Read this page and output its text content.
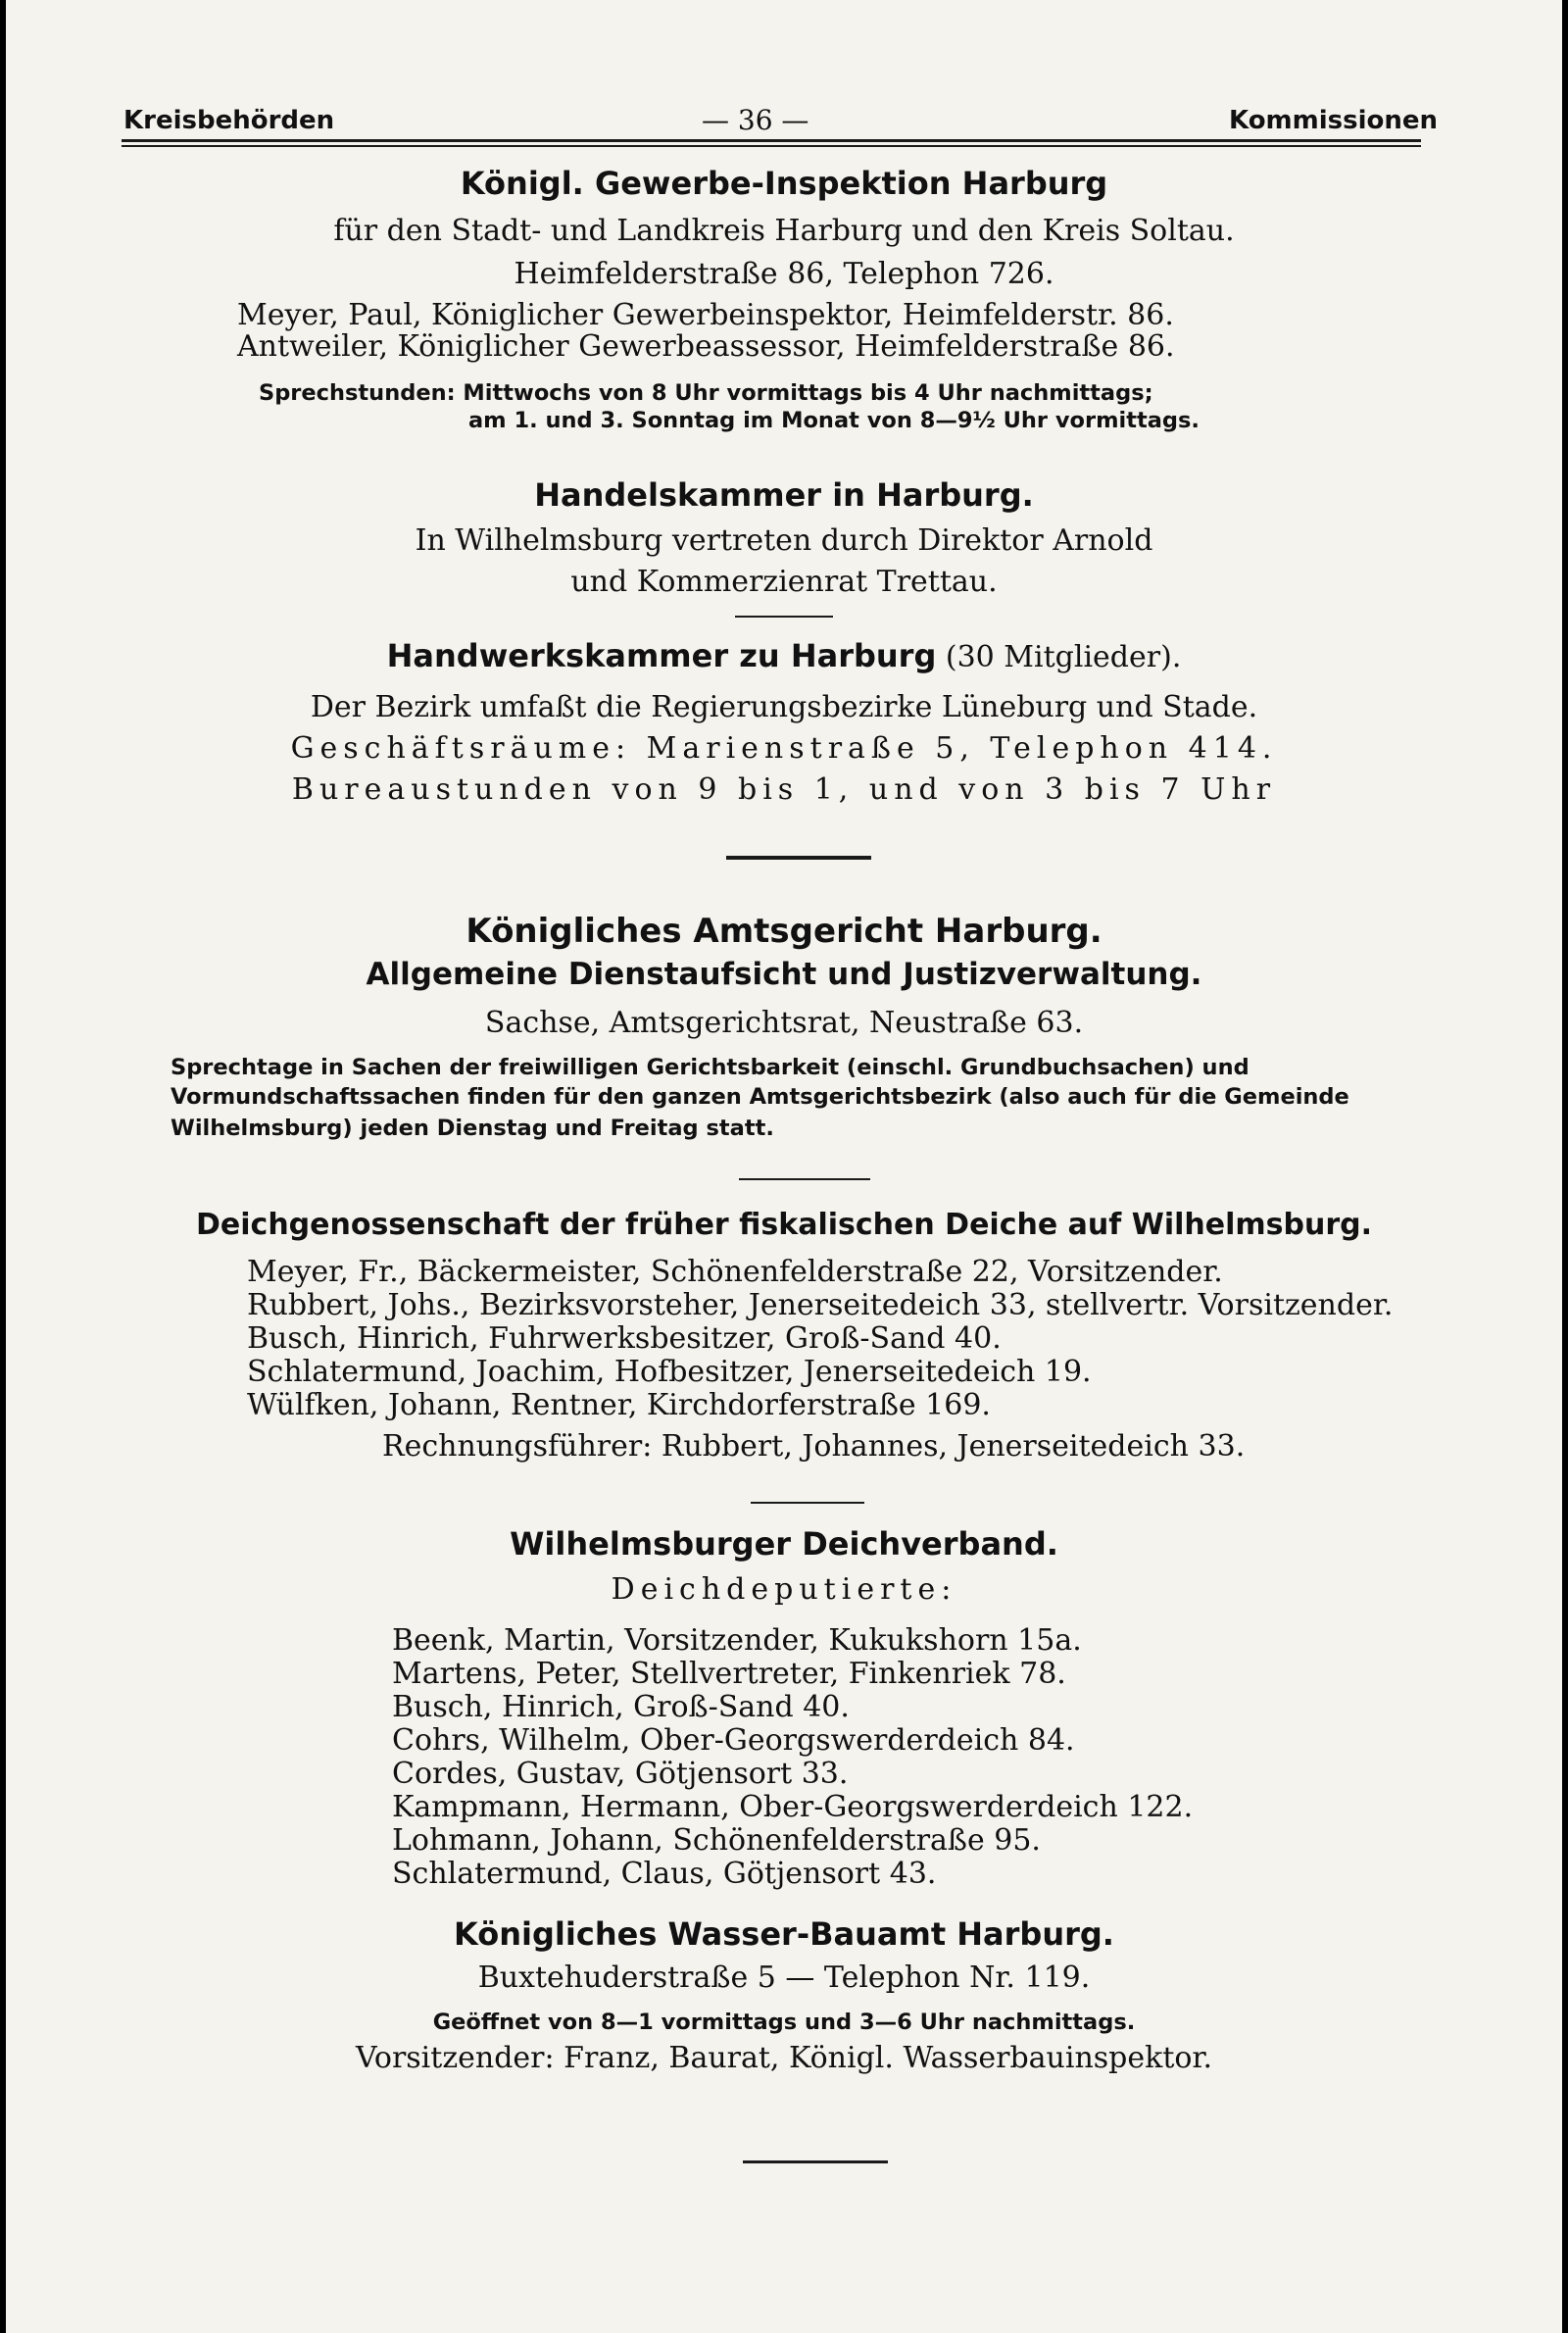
Kreisbehörden	— 36 —	Kommissionen
Königl. Gewerbe-Inspektion Harburg
für den Stadt- und Landkreis Harburg und den Kreis Soltau.
Heimfelderstraße 86, Telephon 726.
Meyer, Paul, Königlicher Gewerbeinspektor, Heimfelderstr. 86.
Antweiler, Königlicher Gewerbeassessor, Heimfelderstraße 86.
Sprechstunden: Mittwochs von 8 Uhr vormittags bis 4 Uhr nachmittags;
am 1. und 3. Sonntag im Monat von 8—9½ Uhr vormittags.
Handelskammer in Harburg.
In Wilhelmsburg vertreten durch Direktor Arnold
und Kommerzienrat Trettau.
Handwerkskammer zu Harburg (30 Mitglieder).
Der Bezirk umfaßt die Regierungsbezirke Lüneburg und Stade.
Geschäftsräume: Marienstraße 5, Telephon 414.
Bureaustunden von 9 bis 1, und von 3 bis 7 Uhr
Königliches Amtsgericht Harburg.
Allgemeine Dienstaufsicht und Justizverwaltung.
Sachse, Amtsgerichtsrat, Neustraße 63.
Sprechtage in Sachen der freiwilligen Gerichtsbarkeit (einschl. Grundbuchsachen) und
Vormundschaftssachen finden für den ganzen Amtsgerichtsbezirk (also auch für die Gemeinde
Wilhelmsburg) jeden Dienstag und Freitag statt.
Deichgenossenschaft der früher fiskalischen Deiche auf Wilhelmsburg.
Meyer, Fr., Bäckermeister, Schönenfelderstraße 22, Vorsitzender.
Rubbert, Johs., Bezirksvorsteher, Jenerseitedeich 33, stellvertr. Vorsitzender.
Busch, Hinrich, Fuhrwerksbesitzer, Groß-Sand 40.
Schlatermund, Joachim, Hofbesitzer, Jenerseitedeich 19.
Wülfken, Johann, Rentner, Kirchdorferstraße 169.
Rechnungsführer: Rubbert, Johannes, Jenerseitedeich 33.
Wilhelmsburger Deichverband.
Deichdeputierte:
Beenk, Martin, Vorsitzender, Kukukshorn 15a.
Martens, Peter, Stellvertreter, Finkenriek 78.
Busch, Hinrich, Groß-Sand 40.
Cohrs, Wilhelm, Ober-Georgswerderdeich 84.
Cordes, Gustav, Götjensort 33.
Kampmann, Hermann, Ober-Georgswerderdeich 122.
Lohmann, Johann, Schönenfelderstraße 95.
Schlatermund, Claus, Götjensort 43.
Königliches Wasser-Bauamt Harburg.
Buxtehuderstraße 5 — Telephon Nr. 119.
Geöffnet von 8—1 vormittags und 3—6 Uhr nachmittags.
Vorsitzender: Franz, Baurat, Königl. Wasserbauinspektor.
